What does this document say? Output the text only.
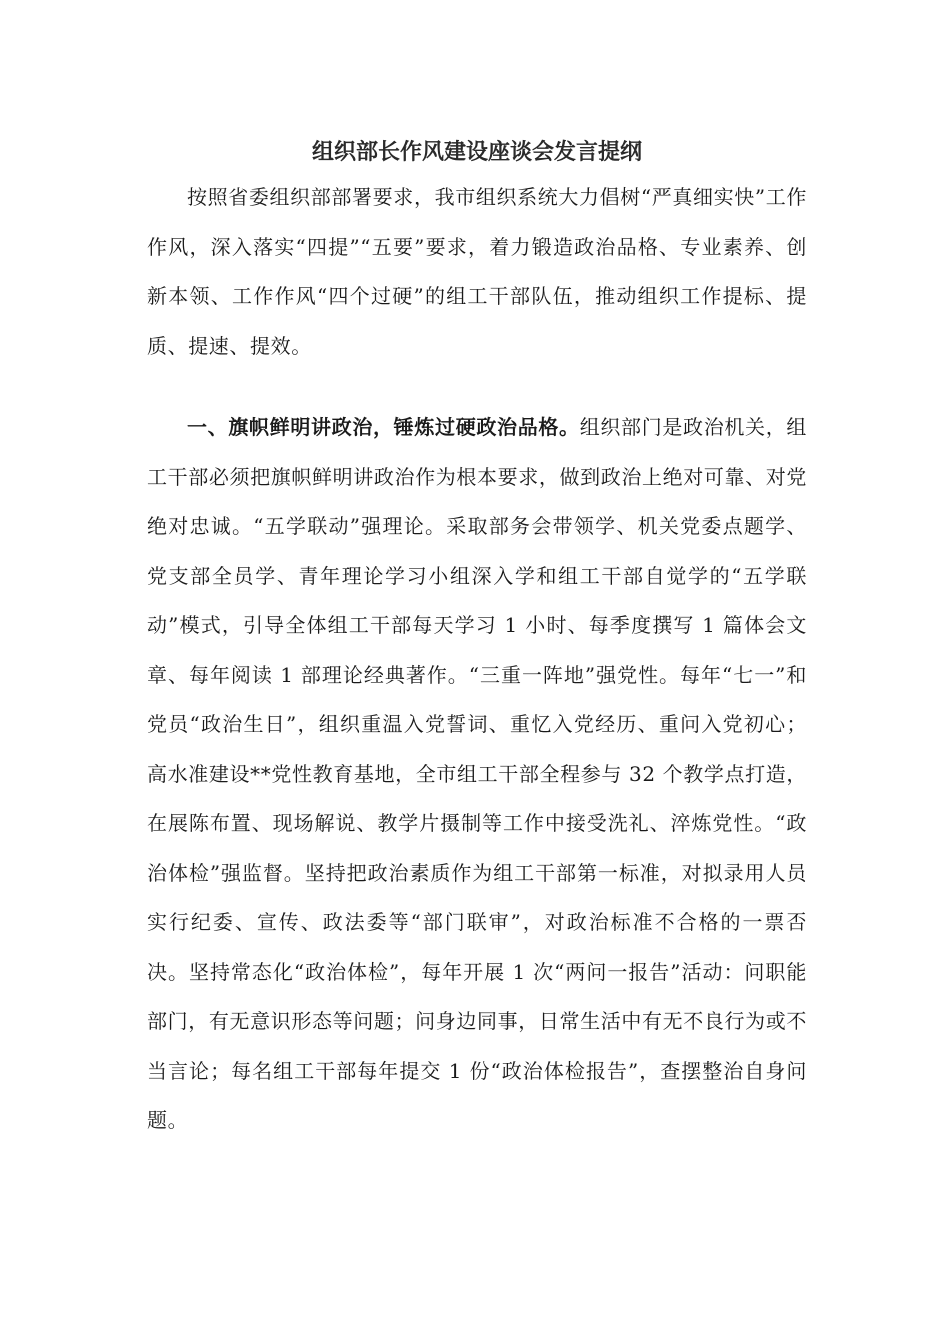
组织部长作风建设座谈会发言提纲

按照省委组织部部署要求，我市组织系统大力倡树“严真细实快”工作作风，深入落实“四提”“五要”要求，着力锻造政治品格、专业素养、创新本领、工作作风“四个过硬”的组工干部队伍，推动组织工作提标、提质、提速、提效。

一、旗帜鲜明讲政治，锤炼过硬政治品格。组织部门是政治机关，组工干部必须把旗帜鲜明讲政治作为根本要求，做到政治上绝对可靠、对党绝对忠诚。“五学联动”强理论。采取部务会带领学、机关党委点题学、党支部全员学、青年理论学习小组深入学和组工干部自觉学的“五学联动”模式，引导全体组工干部每天学习 1 小时、每季度撰写 1 篇体会文章、每年阅读 1 部理论经典著作。“三重一阵地”强党性。每年“七一”和党员“政治生日”，组织重温入党誓词、重忆入党经历、重问入党初心；高水准建设**党性教育基地，全市组工干部全程参与 32 个教学点打造，在展陈布置、现场解说、教学片摄制等工作中接受洗礼、淬炼党性。“政治体检”强监督。坚持把政治素质作为组工干部第一标准，对拟录用人员实行纪委、宣传、政法委等“部门联审”，对政治标准不合格的一票否决。坚持常态化“政治体检”，每年开展 1 次“两问一报告”活动：问职能部门，有无意识形态等问题；问身边同事，日常生活中有无不良行为或不当言论；每名组工干部每年提交 1 份“政治体检报告”，查摆整治自身问题。
